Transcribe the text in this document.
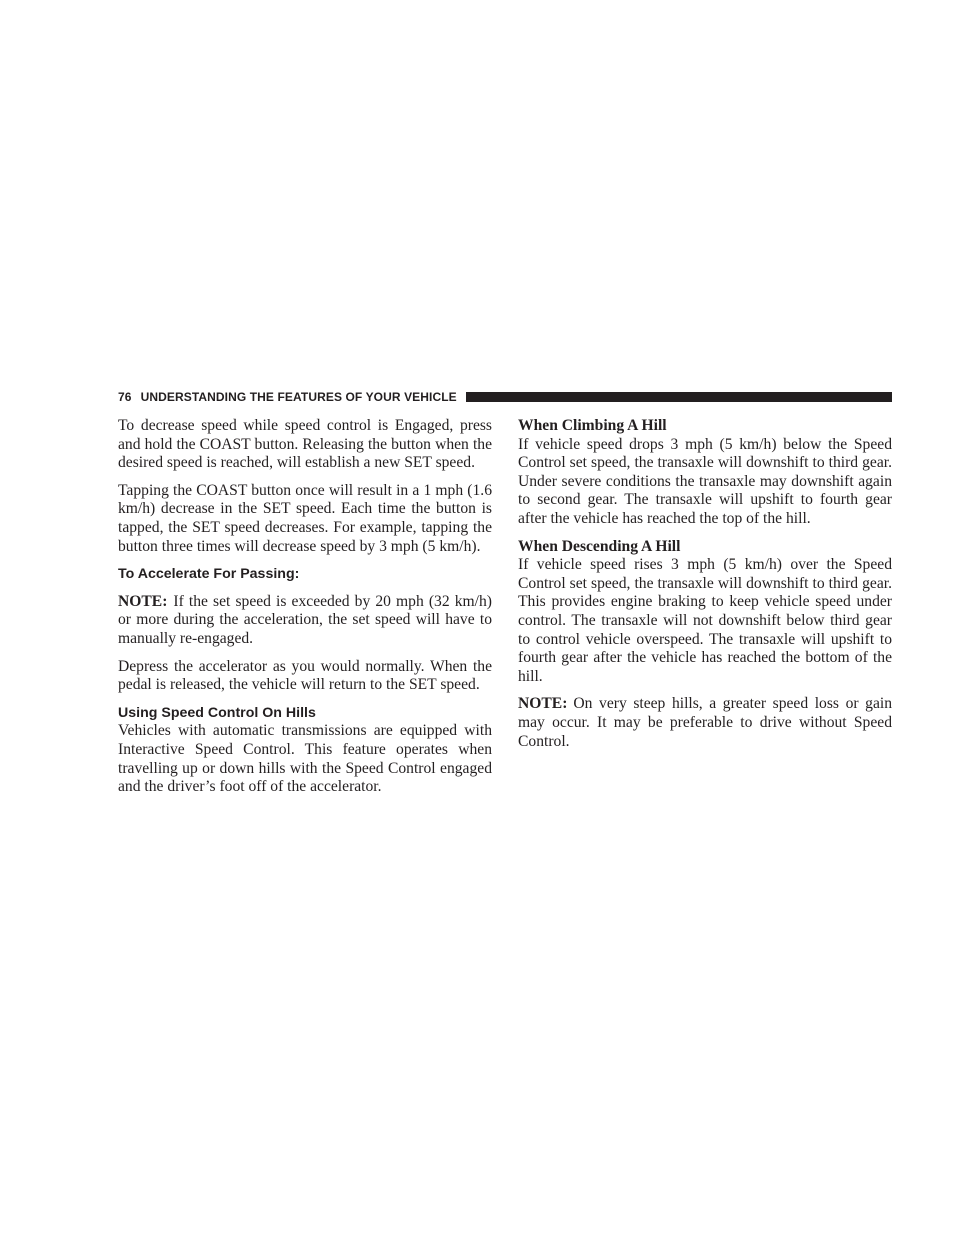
76 UNDERSTANDING THE FEATURES OF YOUR VEHICLE

To decrease speed while speed control is Engaged, press and hold the COAST button. Releasing the button when the desired speed is reached, will establish a new SET speed.

Tapping the COAST button once will result in a 1 mph (1.6 km/h) decrease in the SET speed. Each time the button is tapped, the SET speed decreases. For example, tapping the button three times will decrease speed by 3 mph (5 km/h).

To Accelerate For Passing:

NOTE: If the set speed is exceeded by 20 mph (32 km/h) or more during the acceleration, the set speed will have to manually re-engaged.

Depress the accelerator as you would normally. When the pedal is released, the vehicle will return to the SET speed.

Using Speed Control On Hills

Vehicles with automatic transmissions are equipped with Interactive Speed Control. This feature operates when travelling up or down hills with the Speed Control engaged and the driver’s foot off of the accelerator.

When Climbing A Hill

If vehicle speed drops 3 mph (5 km/h) below the Speed Control set speed, the transaxle will downshift to third gear. Under severe conditions the transaxle may downshift again to second gear. The transaxle will upshift to fourth gear after the vehicle has reached the top of the hill.

When Descending A Hill

If vehicle speed rises 3 mph (5 km/h) over the Speed Control set speed, the transaxle will downshift to third gear. This provides engine braking to keep vehicle speed under control. The transaxle will not downshift below third gear to control vehicle overspeed. The transaxle will upshift to fourth gear after the vehicle has reached the bottom of the hill.

NOTE: On very steep hills, a greater speed loss or gain may occur. It may be preferable to drive without Speed Control.
